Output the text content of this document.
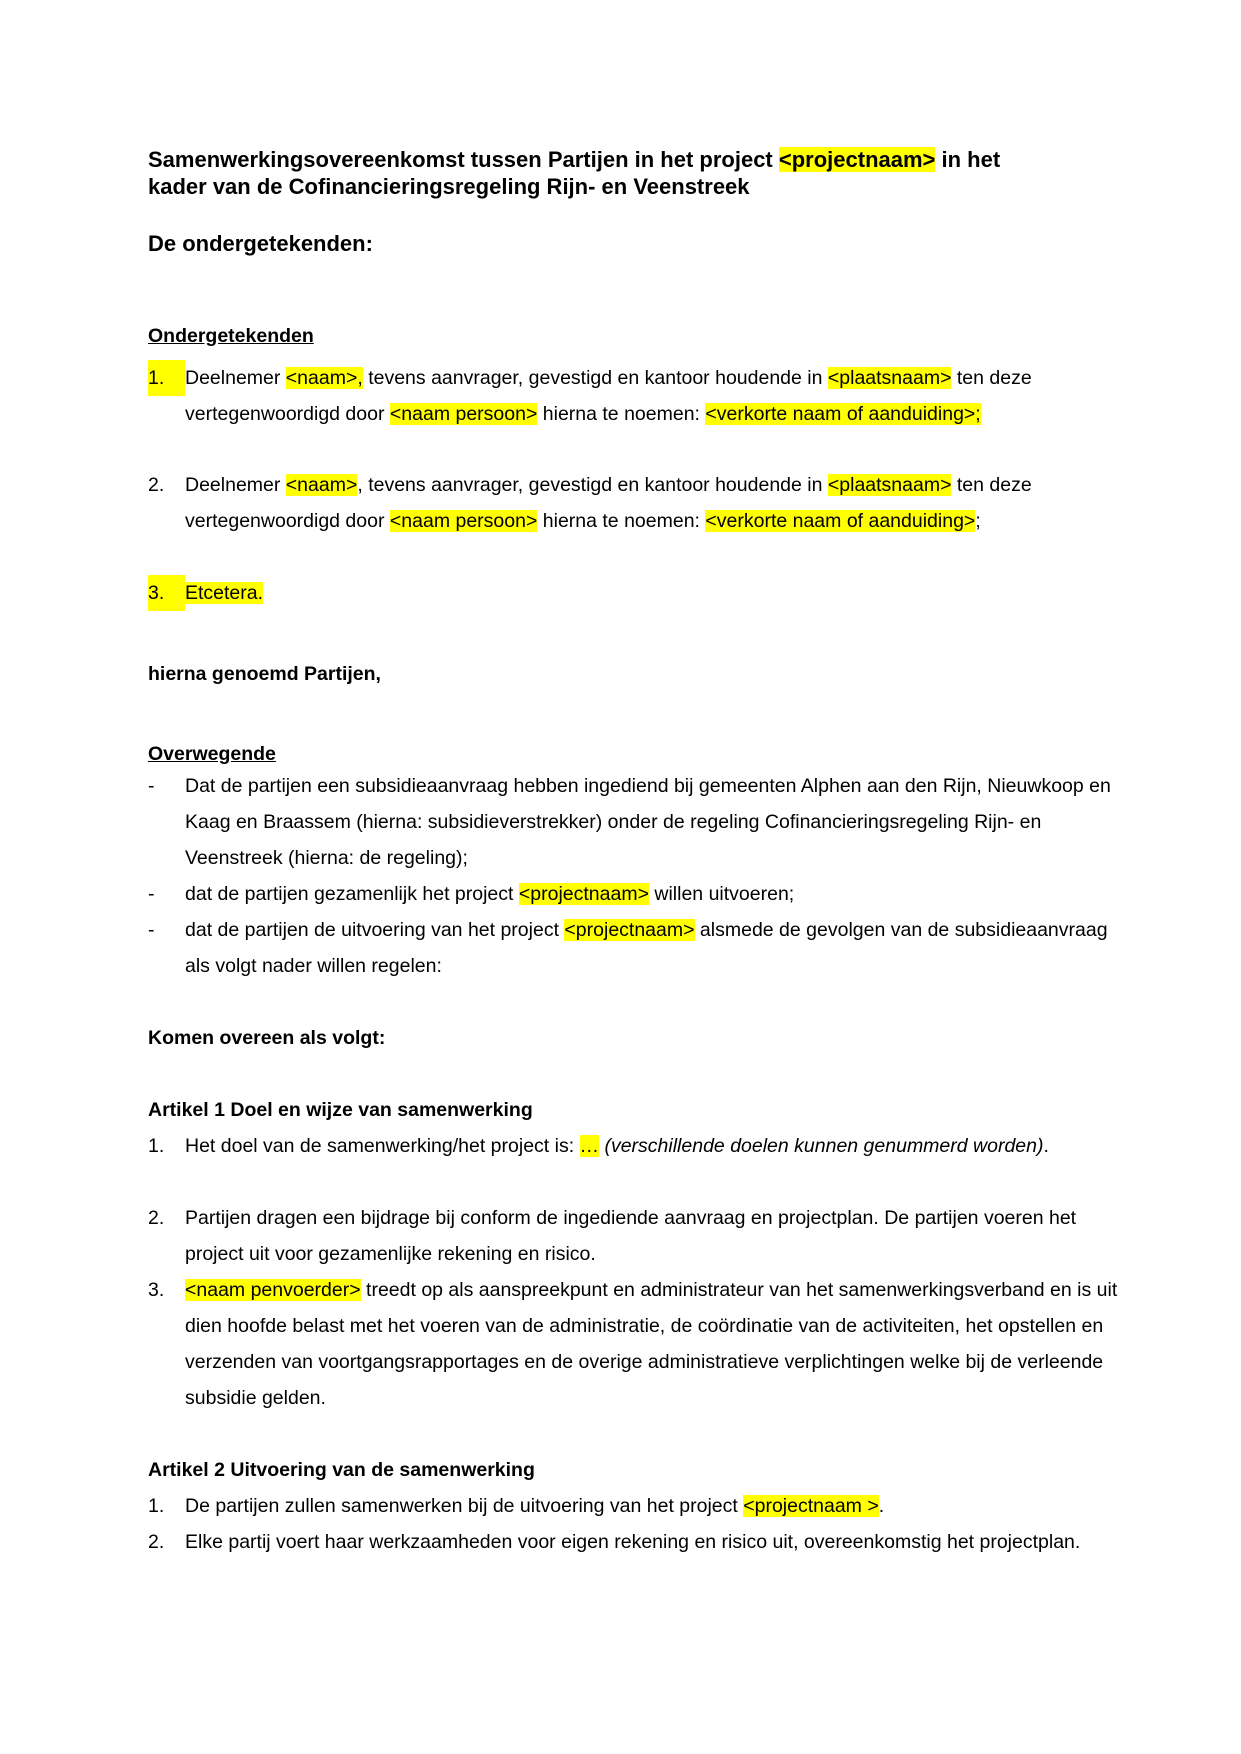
Samenwerkingsovereenkomst tussen Partijen in het project <projectnaam> in het
kader van de Cofinancieringsregeling Rijn- en Veenstreek
De ondergetekenden:
Ondergetekenden
1.	Deelnemer <naam>, tevens aanvrager, gevestigd en kantoor houdende in <plaatsnaam> ten deze
vertegenwoordigd door <naam persoon> hierna te noemen: <verkorte naam of aanduiding>;
2.	Deelnemer <naam>, tevens aanvrager, gevestigd en kantoor houdende in <plaatsnaam> ten deze
vertegenwoordigd door <naam persoon> hierna te noemen: <verkorte naam of aanduiding>;
3.	Etcetera.
hierna genoemd Partijen,
Overwegende
-	Dat de partijen een subsidieaanvraag hebben ingediend bij gemeenten Alphen aan den Rijn, Nieuwkoop en Kaag en Braassem (hierna: subsidieverstrekker) onder de regeling Cofinancieringsregeling Rijn- en Veenstreek (hierna: de regeling);
-	dat de partijen gezamenlijk het project <projectnaam> willen uitvoeren;
-	dat de partijen de uitvoering van het project <projectnaam> alsmede de gevolgen van de subsidieaanvraag als volgt nader willen regelen:
Komen overeen als volgt:
Artikel 1 Doel en wijze van samenwerking
1.	Het doel van de samenwerking/het project is: … (verschillende doelen kunnen genummerd worden).
2.	Partijen dragen een bijdrage bij conform de ingediende aanvraag en projectplan. De partijen voeren het project uit voor gezamenlijke rekening en risico.
3.	<naam penvoerder> treedt op als aanspreekpunt en administrateur van het samenwerkingsverband en is uit dien hoofde belast met het voeren van de administratie, de coördinatie van de activiteiten, het opstellen en verzenden van voortgangsrapportages en de overige administratieve verplichtingen welke bij de verleende subsidie gelden.
Artikel 2 Uitvoering van de samenwerking
1.	De partijen zullen samenwerken bij de uitvoering van het project <projectnaam >.
2.	Elke partij voert haar werkzaamheden voor eigen rekening en risico uit, overeenkomstig het projectplan.
